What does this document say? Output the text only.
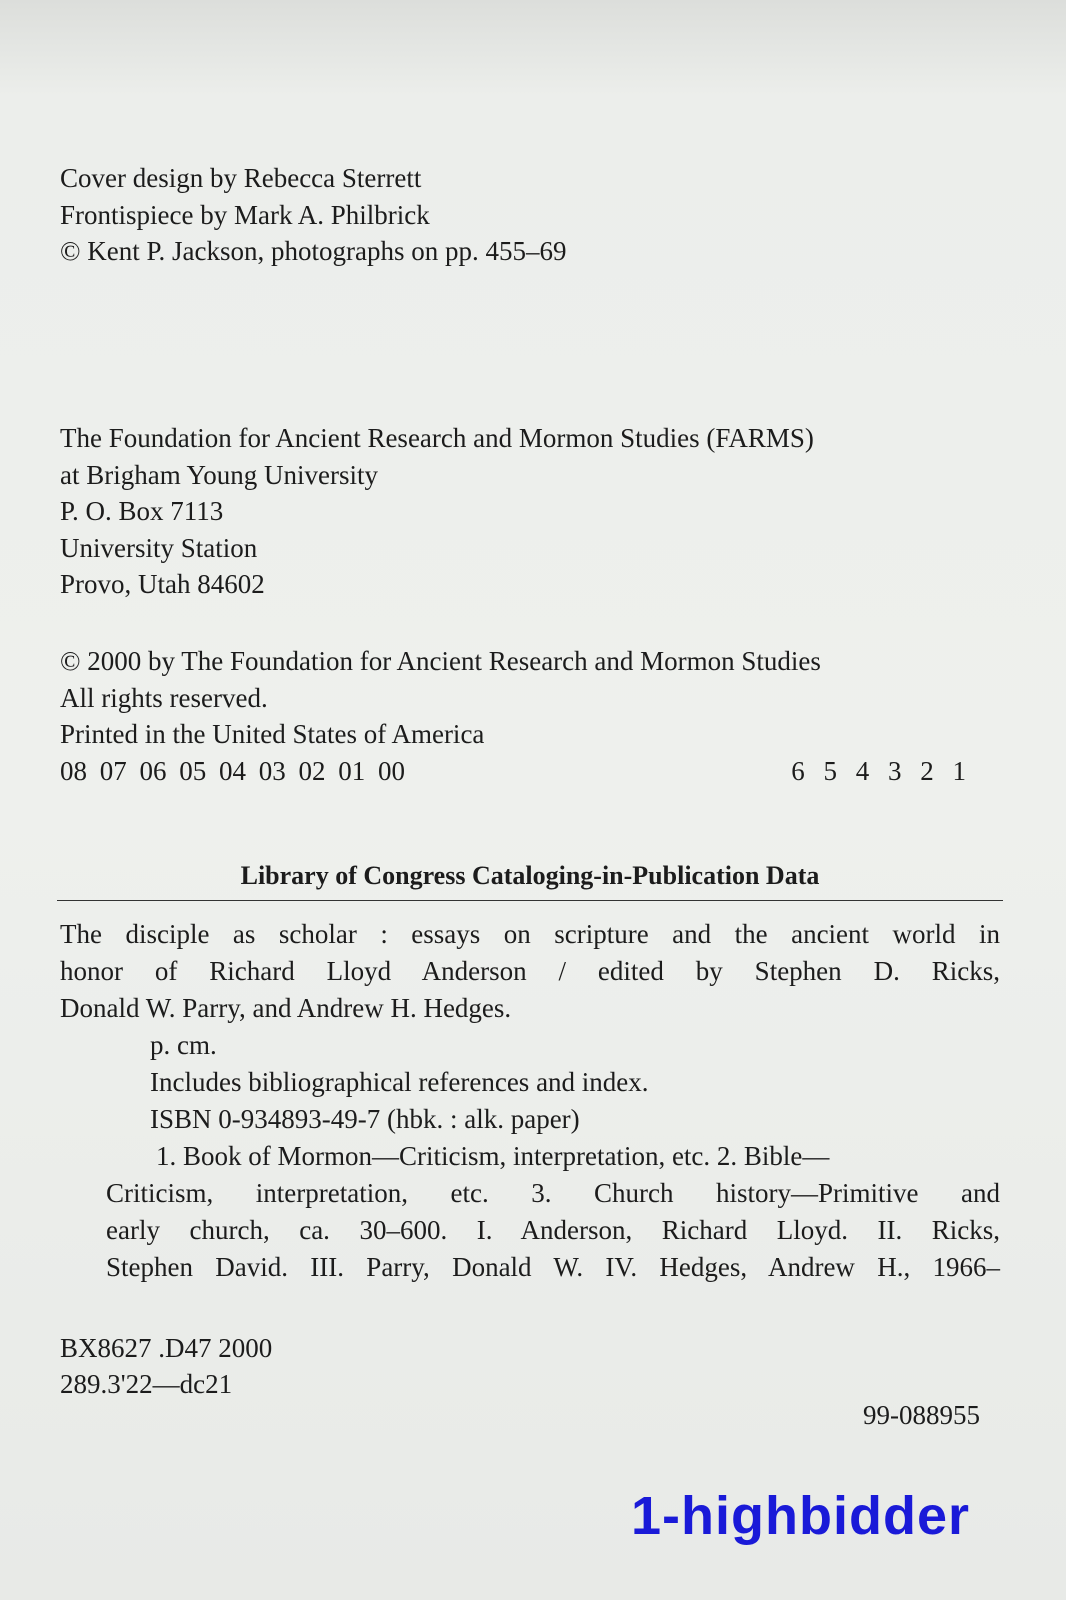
Cover design by Rebecca Sterrett
Frontispiece by Mark A. Philbrick
© Kent P. Jackson, photographs on pp. 455–69
The Foundation for Ancient Research and Mormon Studies (FARMS)
at Brigham Young University
P. O. Box 7113
University Station
Provo, Utah 84602
© 2000 by The Foundation for Ancient Research and Mormon Studies
All rights reserved.
Printed in the United States of America
08 07 06 05 04 03 02 01 00	6 5 4 3 2 1
Library of Congress Cataloging-in-Publication Data
The disciple as scholar : essays on scripture and the ancient world in
honor of Richard Lloyd Anderson / edited by Stephen D. Ricks,
Donald W. Parry, and Andrew H. Hedges.
p. cm.
Includes bibliographical references and index.
ISBN 0-934893-49-7 (hbk. : alk. paper)
1. Book of Mormon—Criticism, interpretation, etc. 2. Bible—
Criticism, interpretation, etc. 3. Church history—Primitive and
early church, ca. 30–600. I. Anderson, Richard Lloyd. II. Ricks,
Stephen David. III. Parry, Donald W. IV. Hedges, Andrew H., 1966–
BX8627 .D47 2000
289.3'22—dc21
99-088955
1-highbidder
